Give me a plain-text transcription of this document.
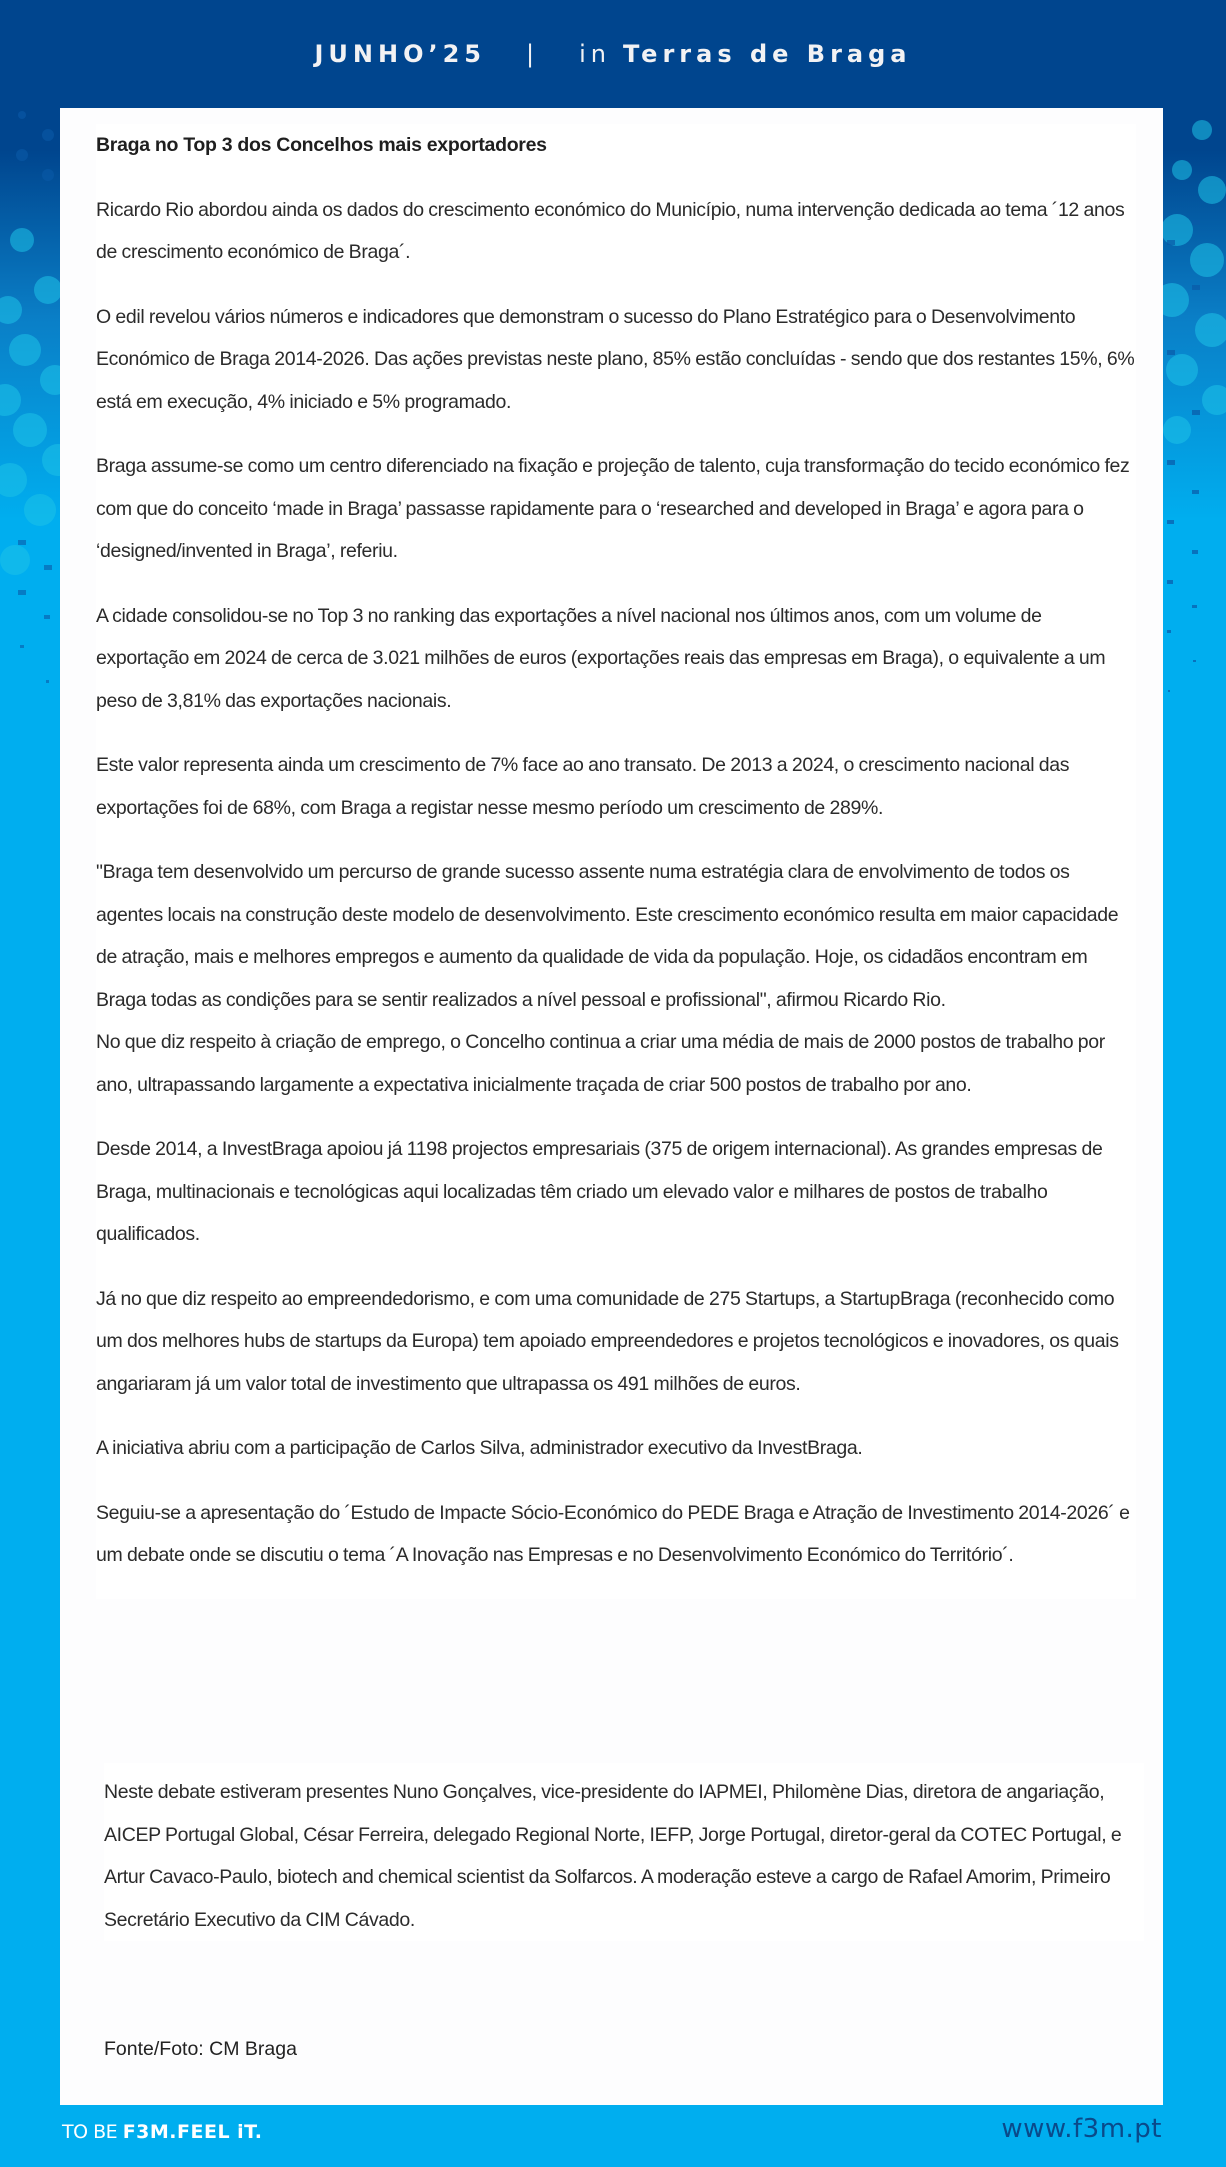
JUNHO’25 | in Terras de Braga
Braga no Top 3 dos Concelhos mais exportadores

Ricardo Rio abordou ainda os dados do crescimento económico do Município, numa intervenção dedicada ao tema ´12 anos de crescimento económico de Braga´.

O edil revelou vários números e indicadores que demonstram o sucesso do Plano Estratégico para o Desenvolvimento Económico de Braga 2014-2026. Das ações previstas neste plano, 85% estão concluídas - sendo que dos restantes 15%, 6% está em execução, 4% iniciado e 5% programado.

Braga assume-se como um centro diferenciado na fixação e projeção de talento, cuja transformação do tecido económico fez com que do conceito ‘made in Braga’ passasse rapidamente para o ‘researched and developed in Braga’ e agora para o ‘designed/invented in Braga’, referiu.

A cidade consolidou-se no Top 3 no ranking das exportações a nível nacional nos últimos anos, com um volume de exportação em 2024 de cerca de 3.021 milhões de euros (exportações reais das empresas em Braga), o equivalente a um peso de 3,81% das exportações nacionais.

Este valor representa ainda um crescimento de 7% face ao ano transato. De 2013 a 2024, o crescimento nacional das exportações foi de 68%, com Braga a registar nesse mesmo período um crescimento de 289%.

"Braga tem desenvolvido um percurso de grande sucesso assente numa estratégia clara de envolvimento de todos os agentes locais na construção deste modelo de desenvolvimento. Este crescimento económico resulta em maior capacidade de atração, mais e melhores empregos e aumento da qualidade de vida da população. Hoje, os cidadãos encontram em Braga todas as condições para se sentir realizados a nível pessoal e profissional", afirmou Ricardo Rio.

No que diz respeito à criação de emprego, o Concelho continua a criar uma média de mais de 2000 postos de trabalho por ano, ultrapassando largamente a expectativa inicialmente traçada de criar 500 postos de trabalho por ano.

Desde 2014, a InvestBraga apoiou já 1198 projectos empresariais (375 de origem internacional). As grandes empresas de Braga, multinacionais e tecnológicas aqui localizadas têm criado um elevado valor e milhares de postos de trabalho qualificados.

Já no que diz respeito ao empreendedorismo, e com uma comunidade de 275 Startups, a StartupBraga (reconhecido como um dos melhores hubs de startups da Europa) tem apoiado empreendedores e projetos tecnológicos e inovadores, os quais angariaram já um valor total de investimento que ultrapassa os 491 milhões de euros.

A iniciativa abriu com a participação de Carlos Silva, administrador executivo da InvestBraga.

Seguiu-se a apresentação do ´Estudo de Impacte Sócio-Económico do PEDE Braga e Atração de Investimento 2014-2026´ e um debate onde se discutiu o tema ´A Inovação nas Empresas e no Desenvolvimento Económico do Território´.

Neste debate estiveram presentes Nuno Gonçalves, vice-presidente do IAPMEI, Philomène Dias, diretora de angariação, AICEP Portugal Global, César Ferreira, delegado Regional Norte, IEFP, Jorge Portugal, diretor-geral da COTEC Portugal, e Artur Cavaco-Paulo, biotech and chemical scientist da Solfarcos. A moderação esteve a cargo de Rafael Amorim, Primeiro Secretário Executivo da CIM Cávado.
Fonte/Foto: CM Braga
TO BE F3M.FEEL iT.	www.f3m.pt
